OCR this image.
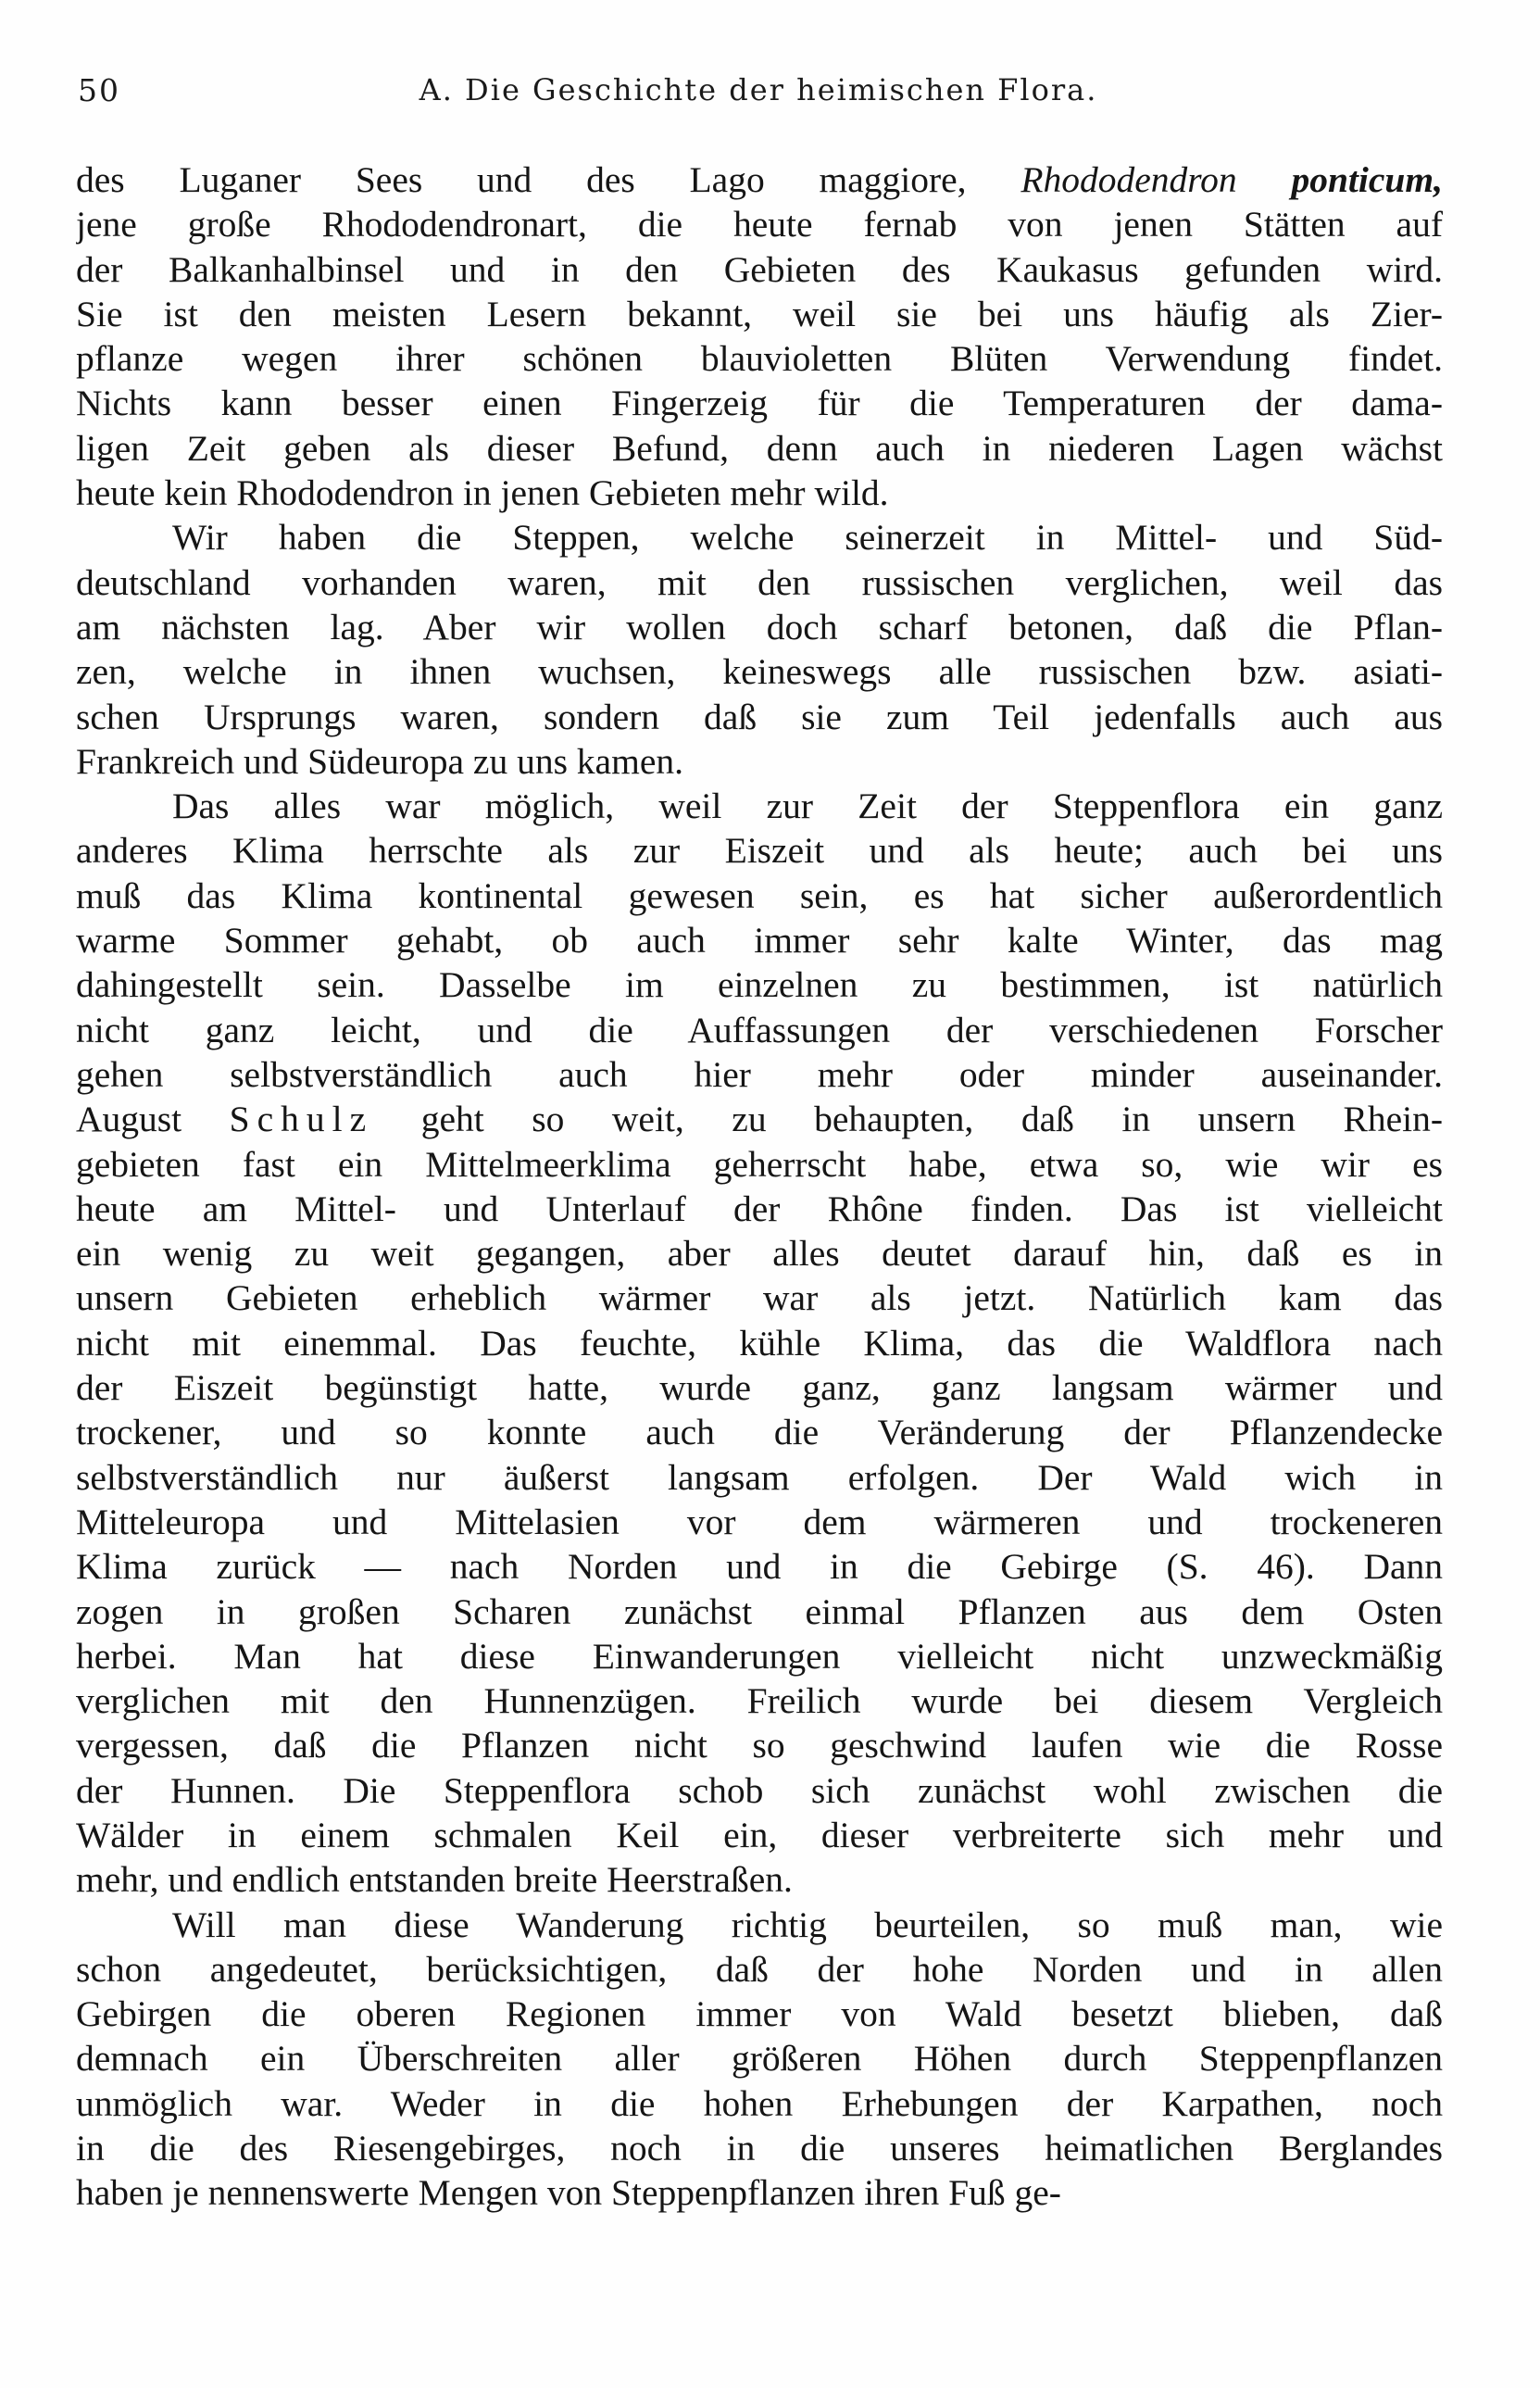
50	A. Die Geschichte der heimischen Flora.

des Luganer Sees und des Lago maggiore, Rhododendron ponticum,
jene große Rhododendronart, die heute fernab von jenen Stätten auf
der Balkanhalbinsel und in den Gebieten des Kaukasus gefunden wird.
Sie ist den meisten Lesern bekannt, weil sie bei uns häufig als Zier-
pflanze wegen ihrer schönen blauvioletten Blüten Verwendung findet.
Nichts kann besser einen Fingerzeig für die Temperaturen der dama-
ligen Zeit geben als dieser Befund, denn auch in niederen Lagen wächst
heute kein Rhododendron in jenen Gebieten mehr wild.

Wir haben die Steppen, welche seinerzeit in Mittel- und Süd-
deutschland vorhanden waren, mit den russischen verglichen, weil das
am nächsten lag. Aber wir wollen doch scharf betonen, daß die Pflan-
zen, welche in ihnen wuchsen, keineswegs alle russischen bzw. asiati-
schen Ursprungs waren, sondern daß sie zum Teil jedenfalls auch aus
Frankreich und Südeuropa zu uns kamen.

Das alles war möglich, weil zur Zeit der Steppenflora ein ganz
anderes Klima herrschte als zur Eiszeit und als heute; auch bei uns
muß das Klima kontinental gewesen sein, es hat sicher außerordentlich
warme Sommer gehabt, ob auch immer sehr kalte Winter, das mag
dahingestellt sein. Dasselbe im einzelnen zu bestimmen, ist natürlich
nicht ganz leicht, und die Auffassungen der verschiedenen Forscher
gehen selbstverständlich auch hier mehr oder minder auseinander.
August Schulz geht so weit, zu behaupten, daß in unsern Rhein-
gebieten fast ein Mittelmeerklima geherrscht habe, etwa so, wie wir es
heute am Mittel- und Unterlauf der Rhône finden. Das ist vielleicht
ein wenig zu weit gegangen, aber alles deutet darauf hin, daß es in
unsern Gebieten erheblich wärmer war als jetzt. Natürlich kam das
nicht mit einemmal. Das feuchte, kühle Klima, das die Waldflora nach
der Eiszeit begünstigt hatte, wurde ganz, ganz langsam wärmer und
trockener, und so konnte auch die Veränderung der Pflanzendecke
selbstverständlich nur äußerst langsam erfolgen. Der Wald wich in
Mitteleuropa und Mittelasien vor dem wärmeren und trockeneren
Klima zurück — nach Norden und in die Gebirge (S. 46). Dann
zogen in großen Scharen zunächst einmal Pflanzen aus dem Osten
herbei. Man hat diese Einwanderungen vielleicht nicht unzweckmäßig
verglichen mit den Hunnenzügen. Freilich wurde bei diesem Vergleich
vergessen, daß die Pflanzen nicht so geschwind laufen wie die Rosse
der Hunnen. Die Steppenflora schob sich zunächst wohl zwischen die
Wälder in einem schmalen Keil ein, dieser verbreiterte sich mehr und
mehr, und endlich entstanden breite Heerstraßen.

Will man diese Wanderung richtig beurteilen, so muß man, wie
schon angedeutet, berücksichtigen, daß der hohe Norden und in allen
Gebirgen die oberen Regionen immer von Wald besetzt blieben, daß
demnach ein Überschreiten aller größeren Höhen durch Steppenpflanzen
unmöglich war. Weder in die hohen Erhebungen der Karpathen, noch
in die des Riesengebirges, noch in die unseres heimatlichen Berglandes
haben je nennenswerte Mengen von Steppenpflanzen ihren Fuß ge-
